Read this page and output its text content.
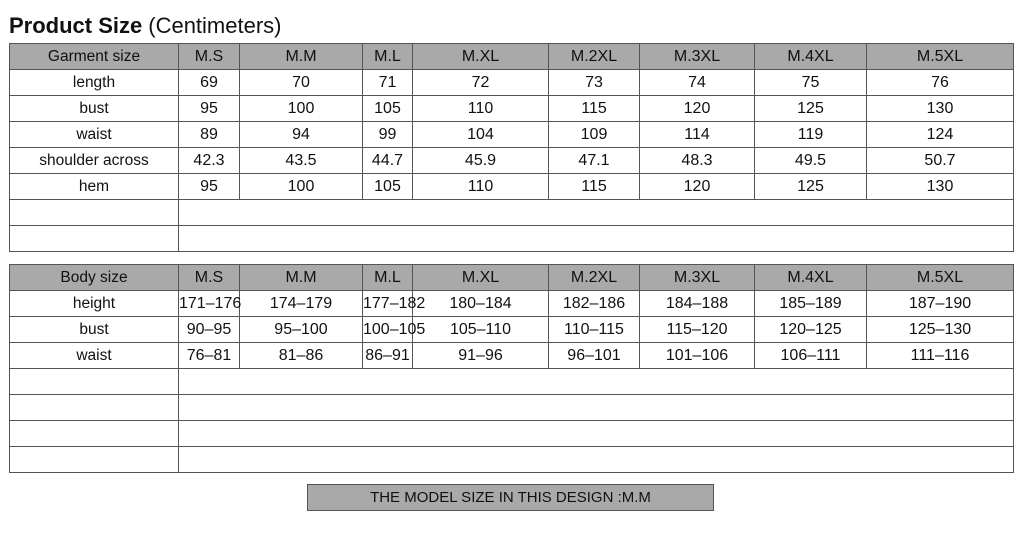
Product Size (Centimeters)
Garment size	M.S	M.M	M.L	M.XL	M.2XL	M.3XL	M.4XL	M.5XL
length	69	70	71	72	73	74	75	76
bust	95	100	105	110	115	120	125	130
waist	89	94	99	104	109	114	119	124
shoulder across	42.3	43.5	44.7	45.9	47.1	48.3	49.5	50.7
hem	95	100	105	110	115	120	125	130

Body size	M.S	M.M	M.L	M.XL	M.2XL	M.3XL	M.4XL	M.5XL
height	171–176	174–179	177–182	180–184	182–186	184–188	185–189	187–190
bust	90–95	95–100	100–105	105–110	110–115	115–120	120–125	125–130
waist	76–81	81–86	86–91	91–96	96–101	101–106	106–111	111–116

THE MODEL SIZE IN THIS DESIGN :M.M
